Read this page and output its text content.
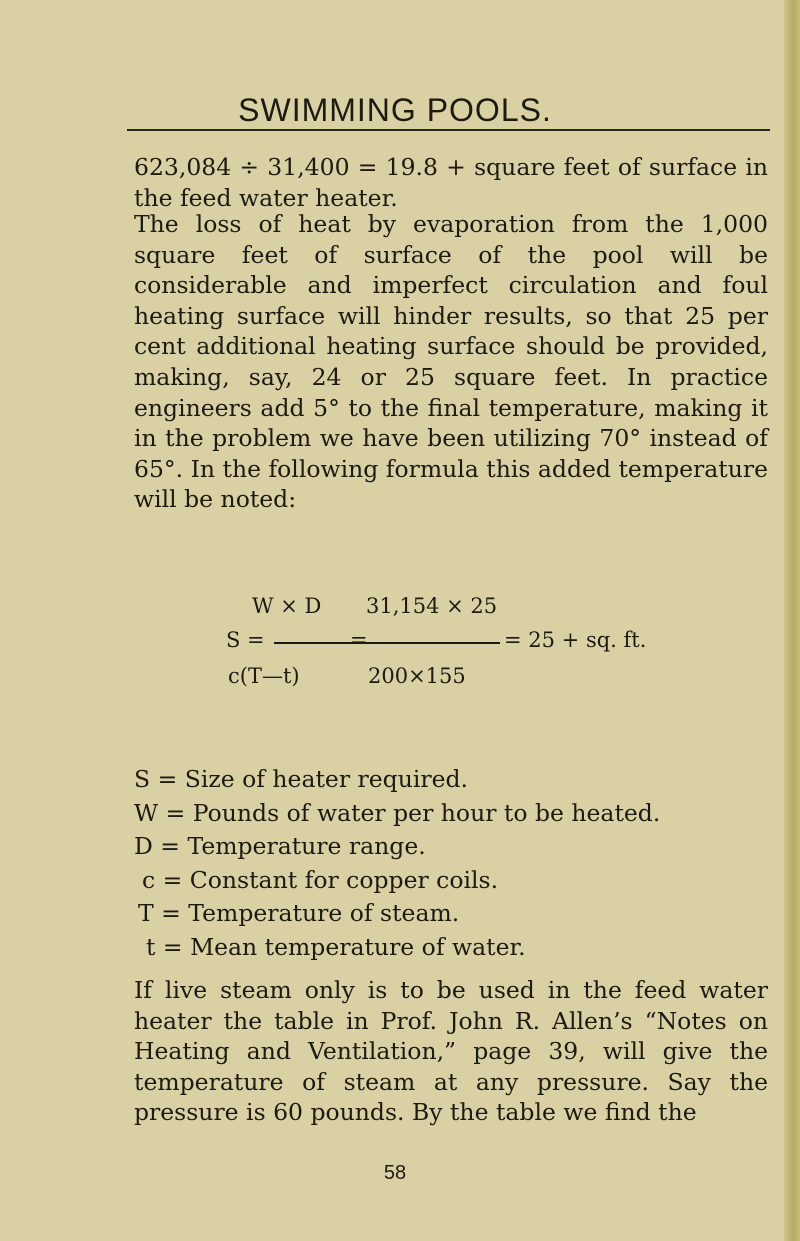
SWIMMING POOLS.

623,084 ÷ 31,400 = 19.8 + square feet of surface in the feed water heater.

The loss of heat by evaporation from the 1,000 square feet of surface of the pool will be considerable and imperfect circulation and foul heating surface will hinder results, so that 25 per cent additional heating surface should be provided, making, say, 24 or 25 square feet. In practice engineers add 5° to the final temperature, making it in the problem we have been utilizing 70° instead of 65°. In the following formula this added temperature will be noted:

W × D 31,154 × 25
S =	=	= 25 + sq. ft.
c(T—t)	200×155
S = Size of heater required.
W = Pounds of water per hour to be heated.
D = Temperature range.
c = Constant for copper coils.
T = Temperature of steam.
t = Mean temperature of water.

If live steam only is to be used in the feed water heater the table in Prof. John R. Allen’s “Notes on Heating and Ventilation,” page 39, will give the temperature of steam at any pressure. Say the pressure is 60 pounds. By the table we find the

58
